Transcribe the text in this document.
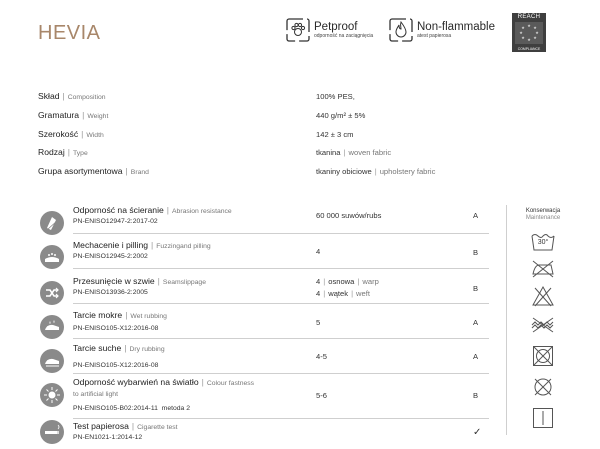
HEVIA	Petproof
odporność na zaciągnięcia
Non-flammable
atest papierosa
REACH
★ ★
★
★
★
★
★
★
COMPLIANCE
Skład | Composition	100% PES,
Gramatura | Weight	440 g/m² ± 5%
Szerokość | Width	142 ± 3 cm
Rodzaj | Type	tkanina | woven fabric
Grupa asortymentowa | Brand	tkaniny obiciowe | upholstery fabric
Odporność na ścieranie | Abrasion resistance
PN-ENISO12947-2:2017-02
60 000 suwów/rubs	A
Mechacenie i pilling | Fuzzingand pilling
PN-ENISO12945-2:2002
4	B
Przesunięcie w szwie | Seamslippage
PN-ENISO13936-2:2005
4 | osnowa | warp
4 | wątek | weft
B
Tarcie mokre | Wet rubbing
PN-ENISO105-X12:2016-08
5	A
Tarcie suche | Dry rubbing
PN-ENISO105-X12:2016-08
4-5	A
Odporność wybarwień na światło | Colour fastness
to artificial light
PN-ENISO105-B02:2014-11 metoda 2
5-6	B
Test papierosa | Cigarette test
PN-EN1021-1:2014-12	✓
Konserwacja
Maintenance
30°
